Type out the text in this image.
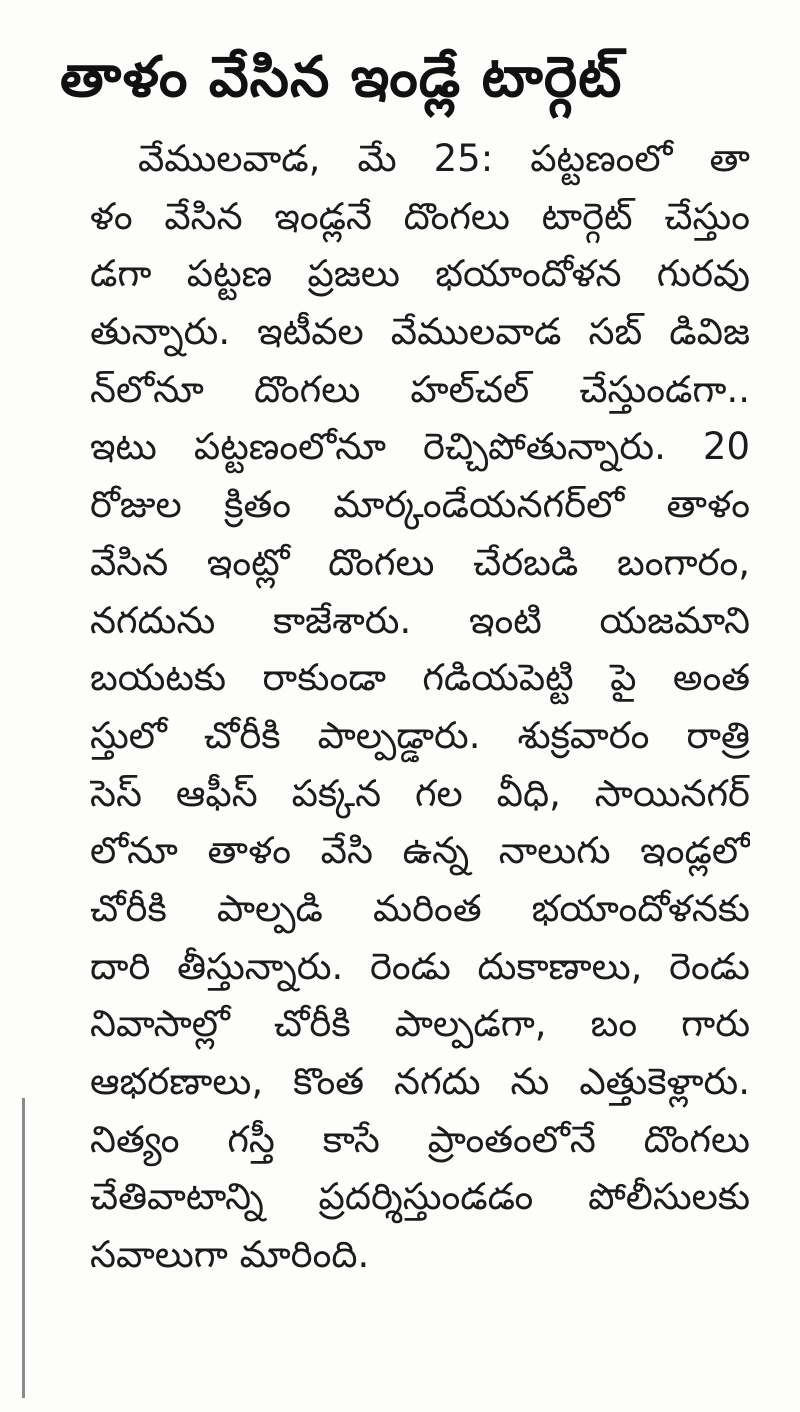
తాళం వేసిన ఇండ్లే టార్గెట్
వేములవాడ, మే 25: పట్టణంలో తా
ళం వేసిన ఇండ్లనే దొంగలు టార్గెట్ చేస్తుం
డగా పట్టణ ప్రజలు భయాందోళన గురవు
తున్నారు. ఇటీవల వేములవాడ సబ్ డివిజ
న్‌లోనూ దొంగలు హల్‌చల్ చేస్తుండగా..
ఇటు పట్టణంలోనూ రెచ్చిపోతున్నారు. 20
రోజుల క్రితం మార్కండేయనగర్‌లో తాళం
వేసిన ఇంట్లో దొంగలు చేరబడి బంగారం,
నగదును కాజేశారు. ఇంటి యజమాని
బయటకు రాకుండా గడియపెట్టి పై అంత
స్తులో చోరీకి పాల్పడ్డారు. శుక్రవారం రాత్రి
సెస్ ఆఫీస్ పక్కన గల వీధి, సాయినగర్
లోనూ తాళం వేసి ఉన్న నాలుగు ఇండ్లలో
చోరీకి పాల్పడి మరింత భయాందోళనకు
దారి తీస్తున్నారు. రెండు దుకాణాలు, రెండు
నివాసాల్లో చోరీకి పాల్పడగా, బం గారు
ఆభరణాలు, కొంత నగదు ను ఎత్తుకెళ్లారు.
నిత్యం గస్తీ కాసే ప్రాంతంలోనే దొంగలు
చేతివాటాన్ని ప్రదర్శిస్తుండడం పోలీసులకు
సవాలుగా మారింది.
